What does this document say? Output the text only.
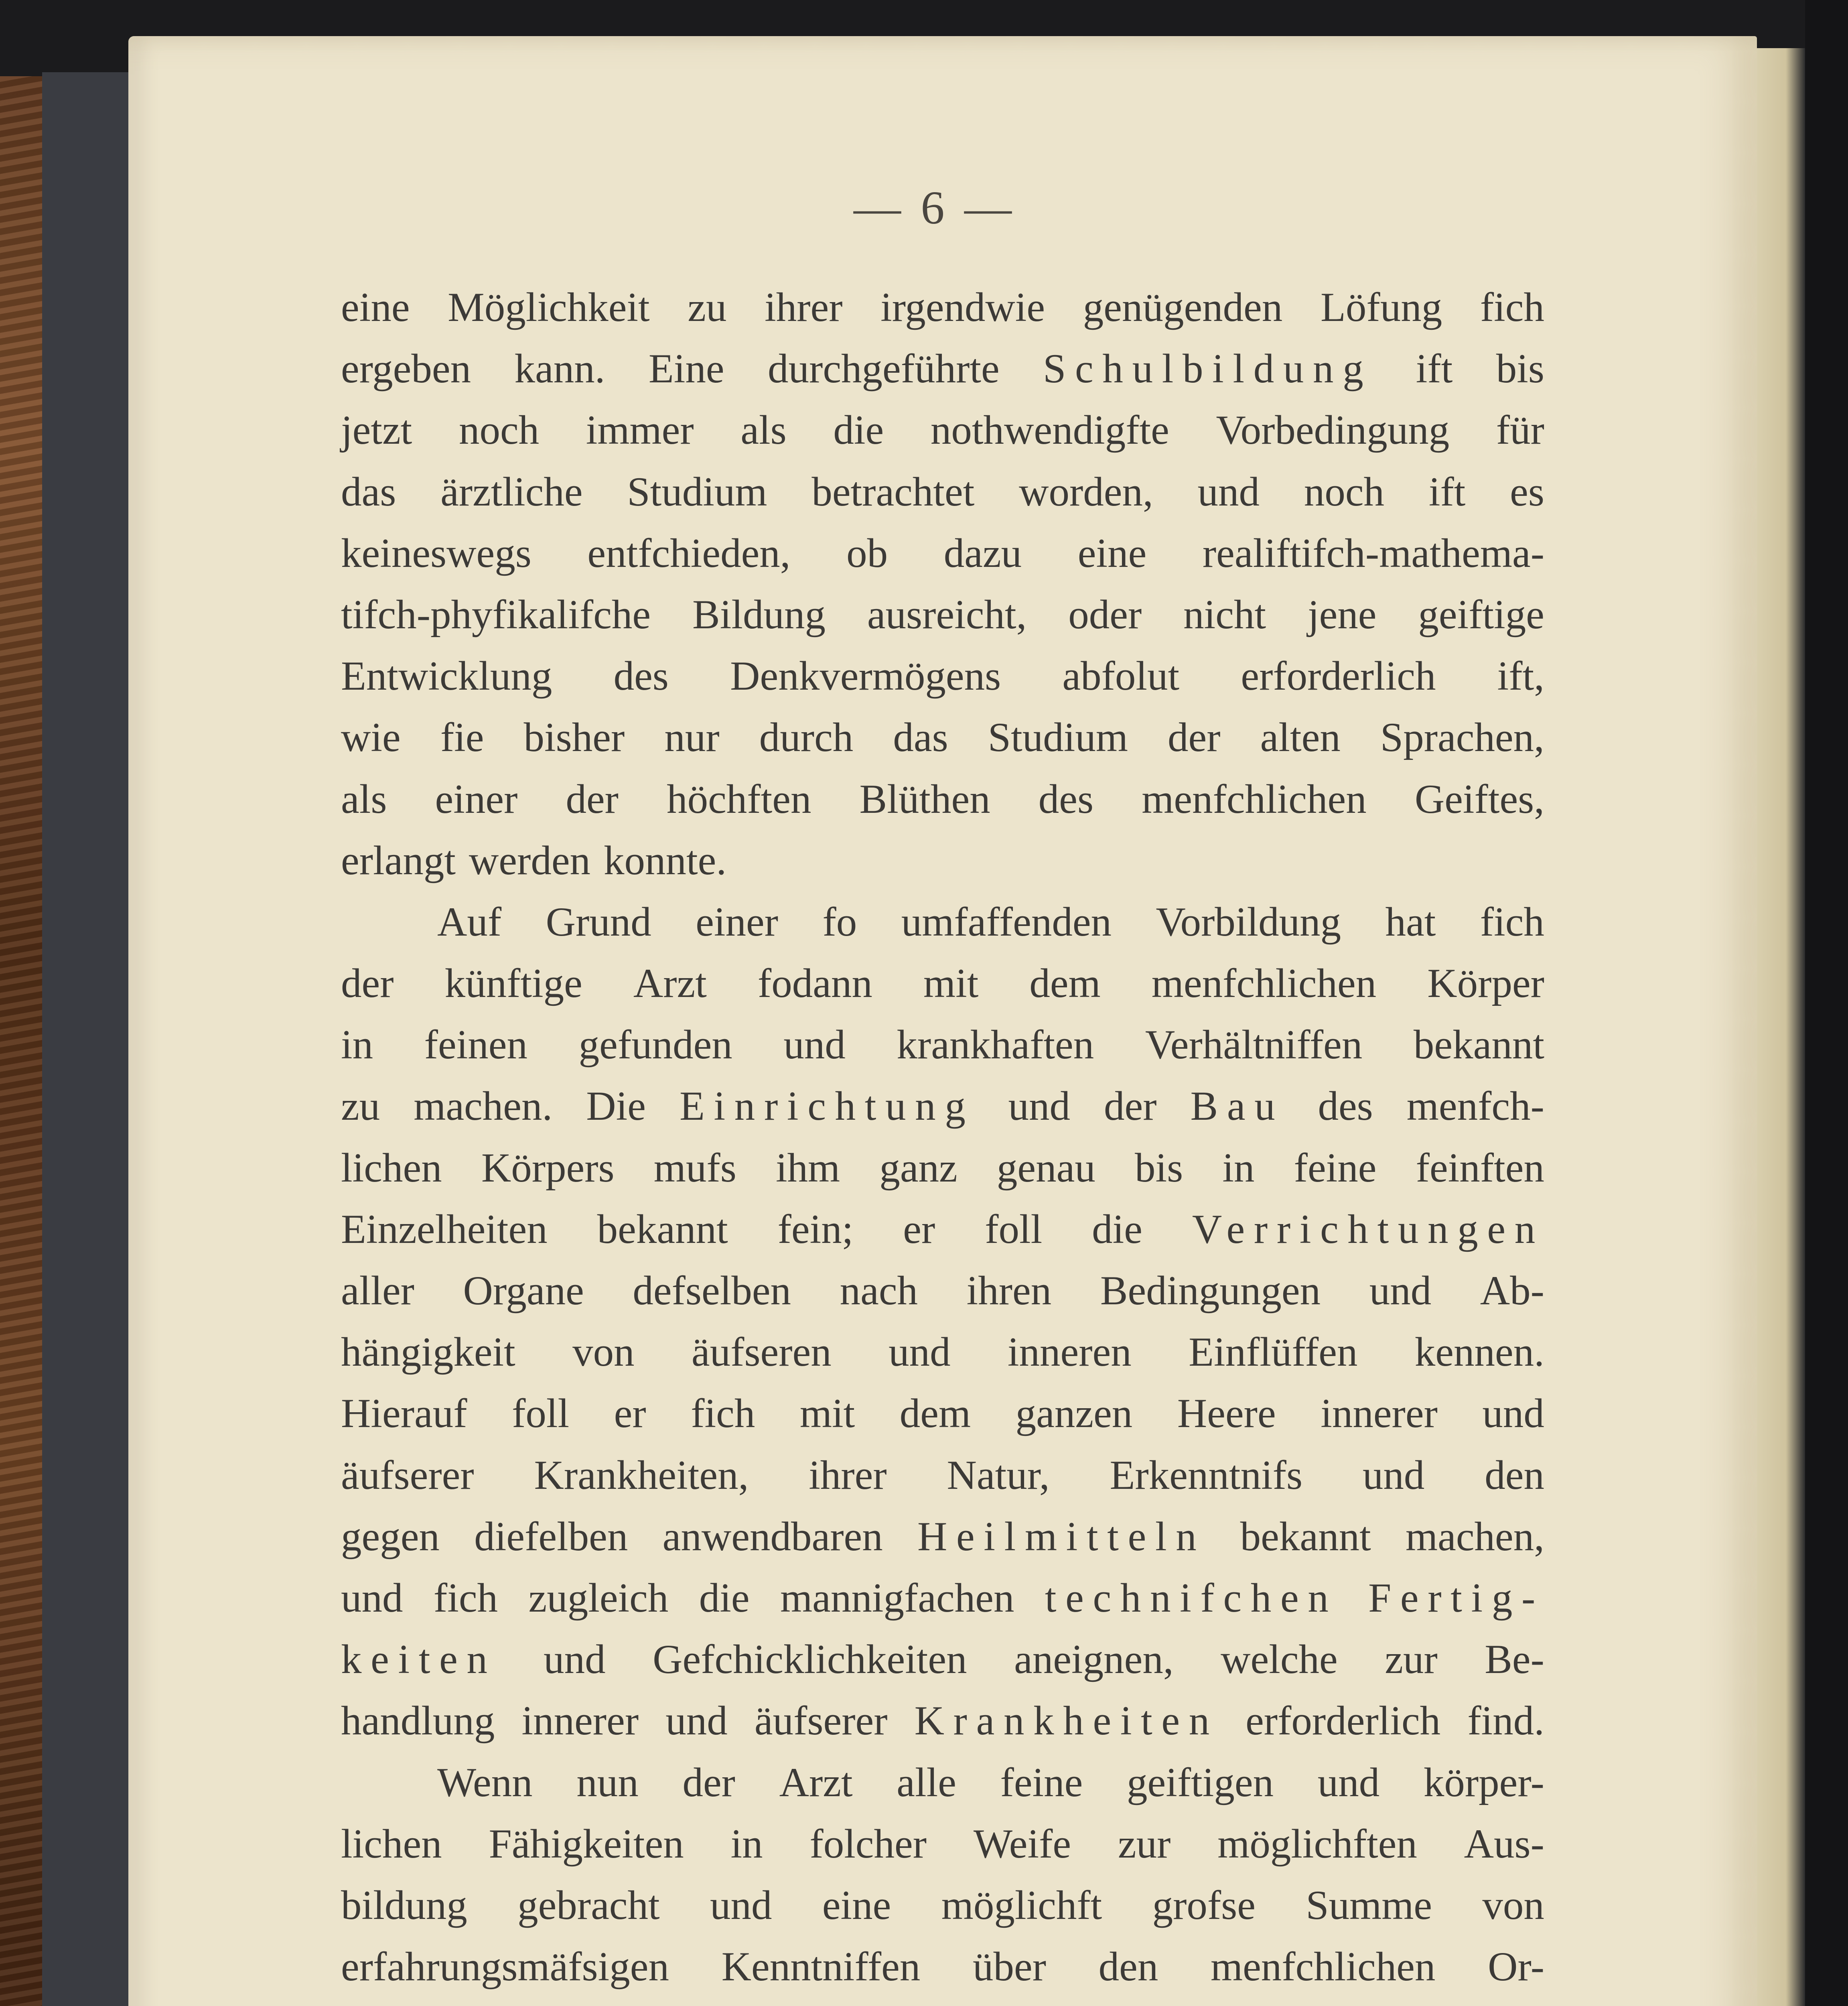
— 6 —
eine Möglichkeit zu ihrer irgendwie genügenden Löfung fich
ergeben kann. Eine durchgeführte Schulbildung ift bis
jetzt noch immer als die nothwendigfte Vorbedingung für
das ärztliche Studium betrachtet worden, und noch ift es
keineswegs entfchieden, ob dazu eine realiftifch-mathema-
tifch-phyfikalifche Bildung ausreicht, oder nicht jene geiftige
Entwicklung des Denkvermögens abfolut erforderlich ift,
wie fie bisher nur durch das Studium der alten Sprachen,
als einer der höchften Blüthen des menfchlichen Geiftes,
erlangt werden konnte.
Auf Grund einer fo umfaffenden Vorbildung hat fich
der künftige Arzt fodann mit dem menfchlichen Körper
in feinen gefunden und krankhaften Verhältniffen bekannt
zu machen. Die Einrichtung und der Bau des menfch-
lichen Körpers mufs ihm ganz genau bis in feine feinften
Einzelheiten bekannt fein; er foll die Verrichtungen
aller Organe defselben nach ihren Bedingungen und Ab-
hängigkeit von äufseren und inneren Einflüffen kennen.
Hierauf foll er fich mit dem ganzen Heere innerer und
äufserer Krankheiten, ihrer Natur, Erkenntnifs und den
gegen diefelben anwendbaren Heilmitteln bekannt machen,
und fich zugleich die mannigfachen technifchen Fertig-
keiten und Gefchicklichkeiten aneignen, welche zur Be-
handlung innerer und äufserer Krankheiten erforderlich find.
Wenn nun der Arzt alle feine geiftigen und körper-
lichen Fähigkeiten in folcher Weife zur möglichften Aus-
bildung gebracht und eine möglichft grofse Summe von
erfahrungsmäfsigen Kenntniffen über den menfchlichen Or-
